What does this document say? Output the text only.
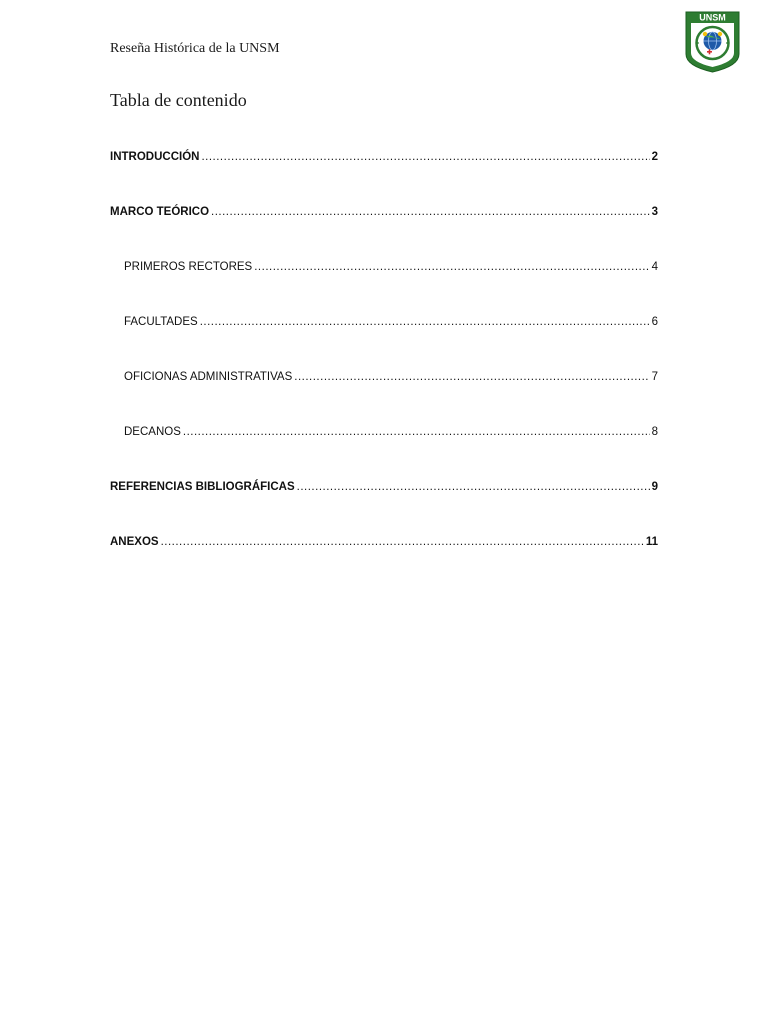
Reseña Histórica de la UNSM
UNSM
Tabla de contenido
INTRODUCCIÓN .....	2
MARCO TEÓRICO .....	3
PRIMEROS RECTORES .....	4
FACULTADES .....	6
OFICIONAS ADMINISTRATIVAS .....	7
DECANOS .....	8
REFERENCIAS BIBLIOGRÁFICAS .....	9
ANEXOS .....	11
